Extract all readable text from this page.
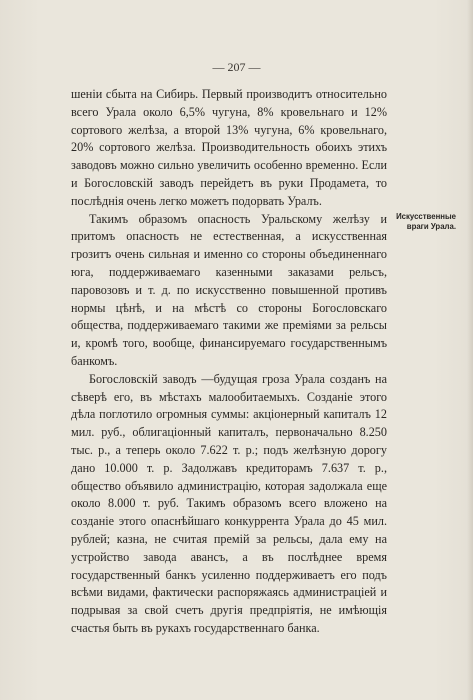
— 207 —

шенiи сбыта на Сибирь. Первый производитъ относительно всего Урала около 6,5% чугуна, 8% кровельнаго и 12% сортового желѣза, а второй 13% чугуна, 6% кровельнаго, 20% сортового желѣза. Производительность обоихъ этихъ заводовъ можно сильно увеличить особенно временно. Если и Богословскiй заводъ перейдетъ въ руки Продамета, то послѣднiя очень легко можетъ подорвать Уралъ.

Такимъ образомъ опасность Уральскому желѣзу и притомъ опасность не естественная, а искусственная грозитъ очень сильная и именно со стороны объединеннаго юга, поддерживаемаго казенными заказами рельсъ, паровозовъ и т. д. по искусственно повышенной противъ нормы цѣнѣ, и на мѣстѣ со стороны Богословскаго общества, поддерживаемаго такими же премiями за рельсы и, кромѣ того, вообще, финансируемаго государственнымъ банкомъ.

Богословскiй заводъ —будущая гроза Урала созданъ на сѣверѣ его, въ мѣстахъ малообитаемыхъ. Созданiе этого дѣла поглотило огромныя суммы: акцiонерный капиталъ 12 мил. руб., облигацiонный капиталъ, первоначально 8.250 тыс. р., а теперь около 7.622 т. р.; подъ желѣзную дорогу дано 10.000 т. р. Задолжавъ кредиторамъ 7.637 т. р., общество объявило администрацiю, которая задолжала еще около 8.000 т. руб. Такимъ образомъ всего вложено на созданiе этого опаснѣйшаго конкуррента Урала до 45 мил. рублей; казна, не считая премiй за рельсы, дала ему на устройство завода авансъ, а въ послѣднее время государственный банкъ усиленно поддерживаетъ его подъ всѣми видами, фактически распоряжаясь администрацiей и подрывая за свой счетъ другiя предпрiятiя, не имѣющiя счастья быть въ рукахъ государственнаго банка.

Искусственные
враги Урала.
